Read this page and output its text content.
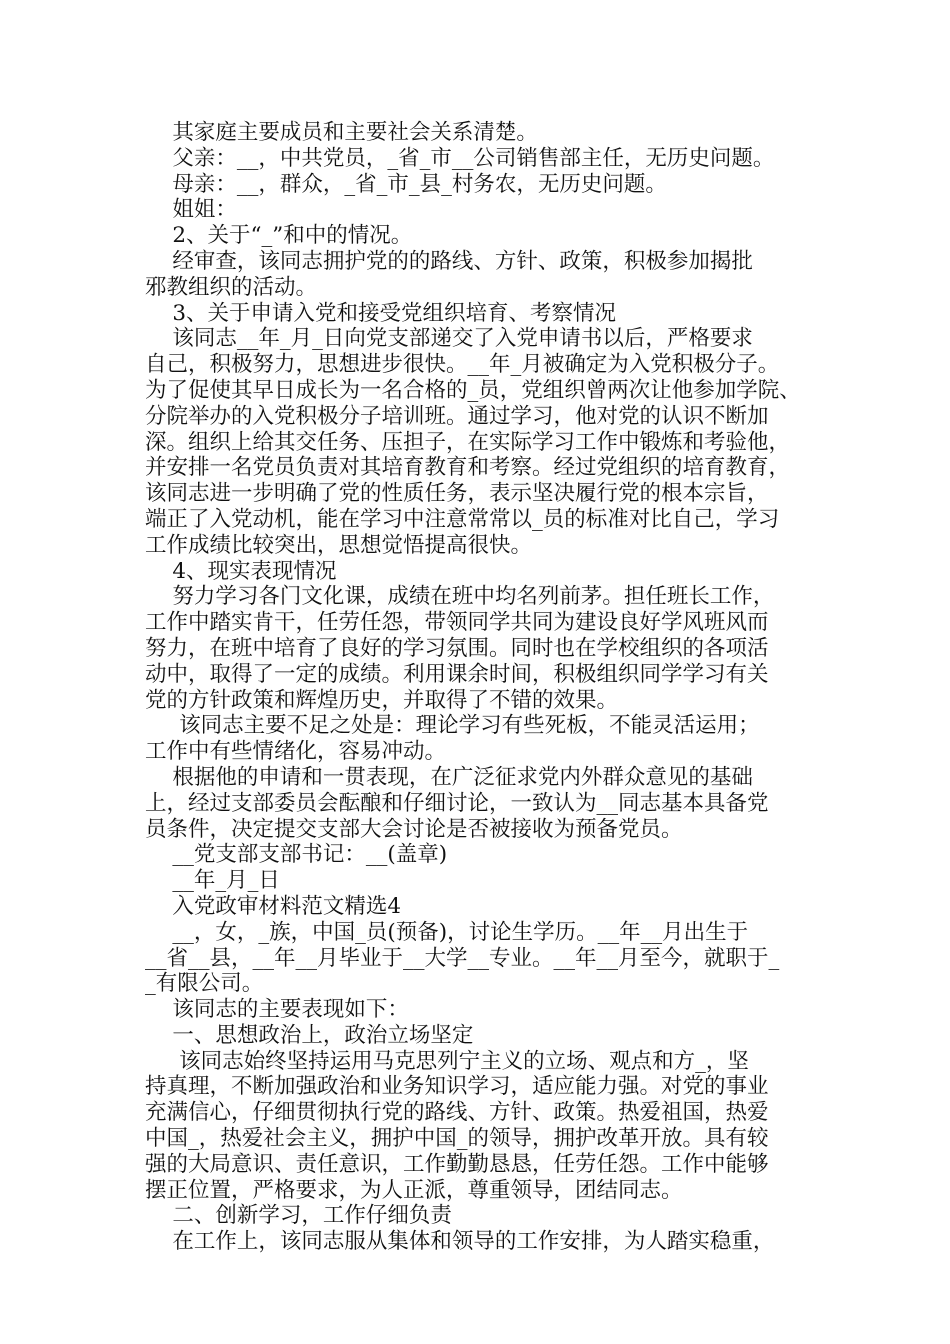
其家庭主要成员和主要社会关系清楚。
父亲：__，中共党员，_省_市__公司销售部主任，无历史问题。
母亲：__，群众，_省_市_县_村务农，无历史问题。
姐姐：
2、关于“_”和中的情况。
经审查，该同志拥护党的的路线、方针、政策，积极参加揭批
邪教组织的活动。
3、关于申请入党和接受党组织培育、考察情况
该同志__年_月_日向党支部递交了入党申请书以后，严格要求
自己，积极努力，思想进步很快。__年_月被确定为入党积极分子。
为了促使其早日成长为一名合格的_员，党组织曾两次让他参加学院、
分院举办的入党积极分子培训班。通过学习，他对党的认识不断加
深。组织上给其交任务、压担子，在实际学习工作中锻炼和考验他，
并安排一名党员负责对其培育教育和考察。经过党组织的培育教育，
该同志进一步明确了党的性质任务，表示坚决履行党的根本宗旨，
端正了入党动机，能在学习中注意常常以_员的标准对比自己，学习
工作成绩比较突出，思想觉悟提高很快。
4、现实表现情况
努力学习各门文化课，成绩在班中均名列前茅。担任班长工作，
工作中踏实肯干，任劳任怨，带领同学共同为建设良好学风班风而
努力，在班中培育了良好的学习氛围。同时也在学校组织的各项活
动中，取得了一定的成绩。利用课余时间，积极组织同学学习有关
党的方针政策和辉煌历史，并取得了不错的效果。
该同志主要不足之处是：理论学习有些死板，不能灵活运用；
工作中有些情绪化，容易冲动。
根据他的申请和一贯表现，在广泛征求党内外群众意见的基础
上，经过支部委员会酝酿和仔细讨论，一致认为__同志基本具备党
员条件，决定提交支部大会讨论是否被接收为预备党员。
__党支部支部书记：__(盖章)
__年_月_日
入党政审材料范文精选4
__，女，_族，中国_员(预备)，讨论生学历。__年__月出生于
__省__县，__年__月毕业于__大学__专业。__年__月至今，就职于_
_有限公司。
该同志的主要表现如下：
一、思想政治上，政治立场坚定
该同志始终坚持运用马克思列宁主义的立场、观点和方_，坚
持真理，不断加强政治和业务知识学习，适应能力强。对党的事业
充满信心，仔细贯彻执行党的路线、方针、政策。热爱祖国，热爱
中国_，热爱社会主义，拥护中国_的领导，拥护改革开放。具有较
强的大局意识、责任意识，工作勤勤恳恳，任劳任怨。工作中能够
摆正位置，严格要求，为人正派，尊重领导，团结同志。
二、创新学习，工作仔细负责
在工作上，该同志服从集体和领导的工作安排，为人踏实稳重，
